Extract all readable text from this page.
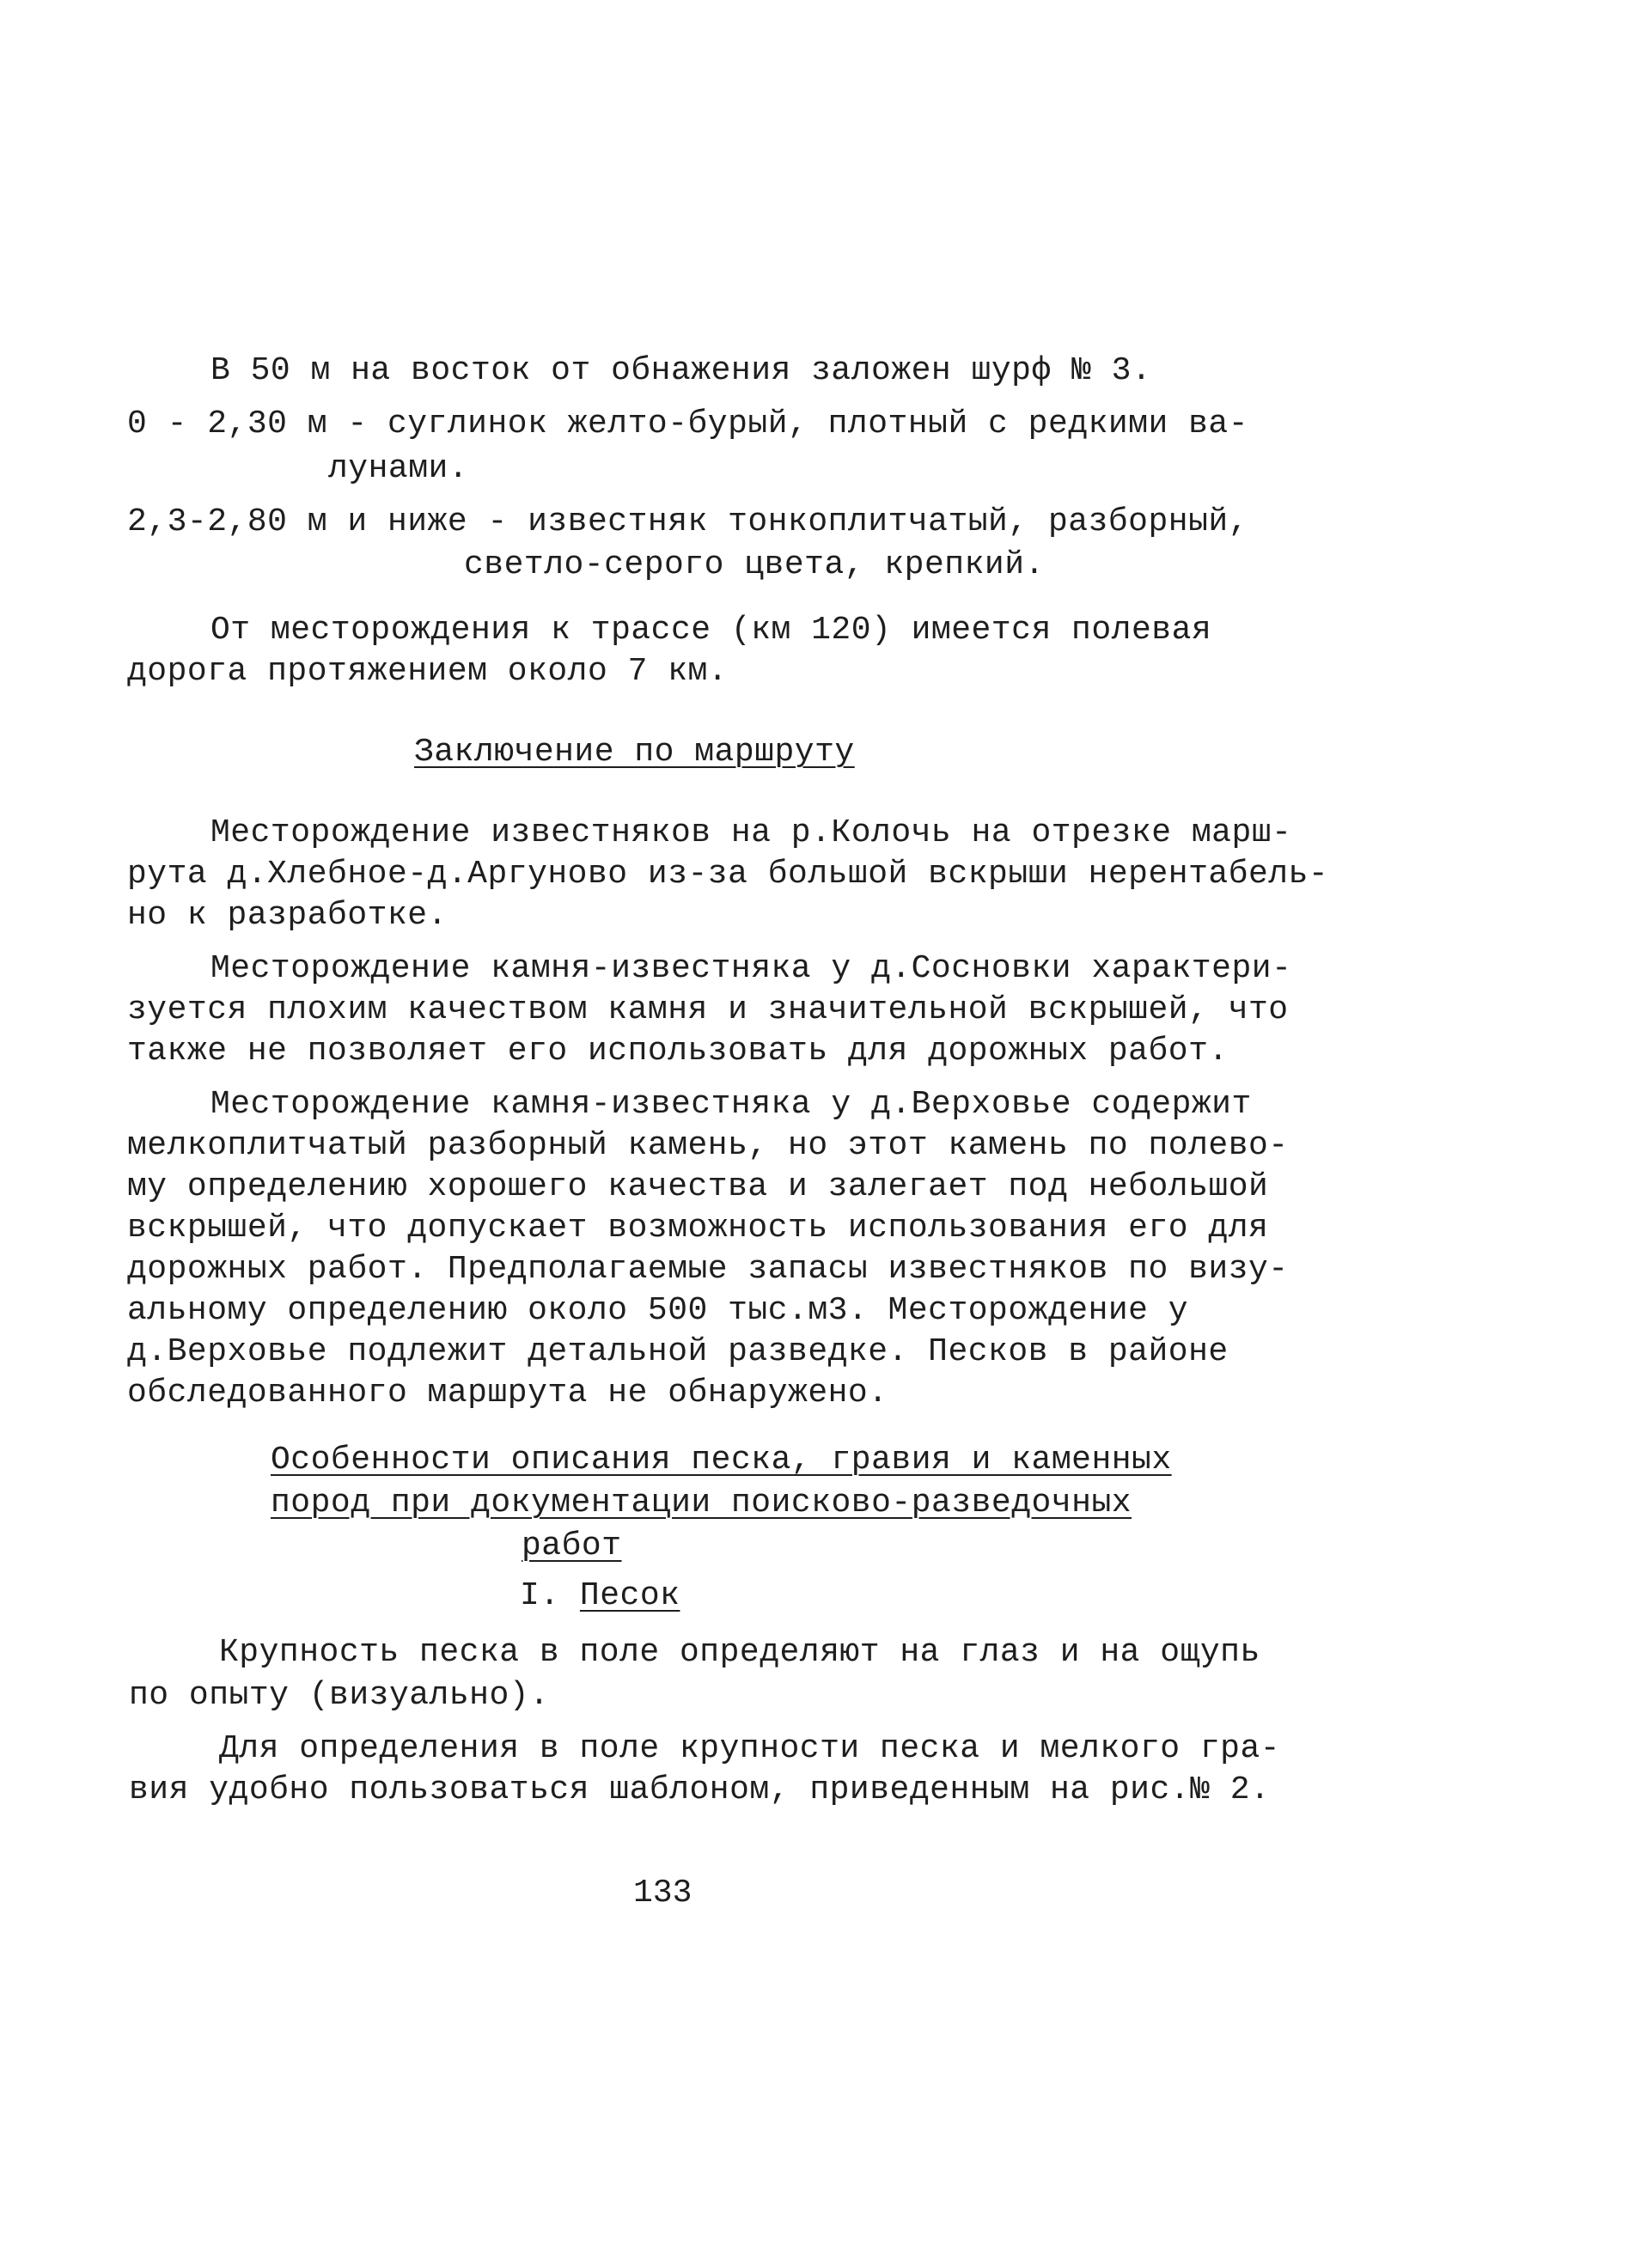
В 50 м на восток от обнажения заложен шурф № 3.
0 - 2,30 м - суглинок желто-бурый, плотный с редкими ва-
лунами.
2,3-2,80 м и ниже - известняк тонкоплитчатый, разборный,
светло-серого цвета, крепкий.
От месторождения к трассе (км 120) имеется полевая
дорога протяжением около 7 км.
Заключение по маршруту
Месторождение известняков на р.Колочь на отрезке марш-
рута д.Хлебное-д.Аргуново из-за большой вскрыши нерентабель-
но к разработке.
Месторождение камня-известняка у д.Сосновки характери-
зуется плохим качеством камня и значительной вскрышей, что
также не позволяет его использовать для дорожных работ.
Месторождение камня-известняка у д.Верховье содержит
мелкоплитчатый разборный камень, но этот камень по полево-
му определению хорошего качества и залегает под небольшой
вскрышей, что допускает возможность использования его для
дорожных работ. Предполагаемые запасы известняков по визу-
альному определению около 500 тыс.м3. Месторождение у
д.Верховье подлежит детальной разведке. Песков в районе
обследованного маршрута не обнаружено.
Особенности описания песка, гравия и каменных
пород при документации поисково-разведочных
работ
I. Песок
Крупность песка в поле определяют на глаз и на ощупь
по опыту (визуально).
Для определения в поле крупности песка и мелкого гра-
вия удобно пользоваться шаблоном, приведенным на рис.№ 2.
133
